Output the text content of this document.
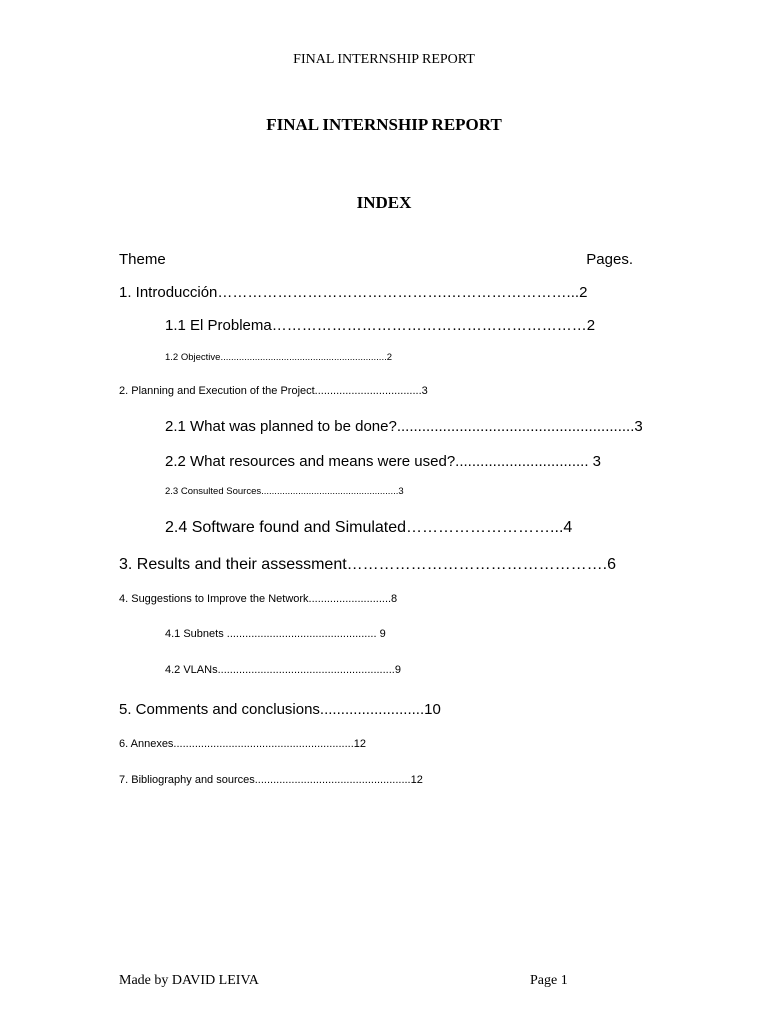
FINAL INTERNSHIP REPORT
FINAL INTERNSHIP REPORT
INDEX
Theme	Pages.
1. Introducción……………………………………….……………………...2
1.1 El Problema………………………………………………………2
1.2 Objective...............................................................2
2. Planning and Execution of the Project...................................3
2.1 What was planned to be done?.........................................................3
2.2 What resources and means were used?................................ 3
2.3 Consulted Sources....................................................3
2.4 Software found and Simulated………………………...4
3. Results and their assessment………………………………………….6
4. Suggestions to Improve the Network...........................8
4.1 Subnets ................................................. 9
4.2 VLANs..........................................................9
5. Comments and conclusions.........................10
6. Annexes...........................................................12
7. Bibliography and sources...................................................12
Made by DAVID LEIVA	Page 1
